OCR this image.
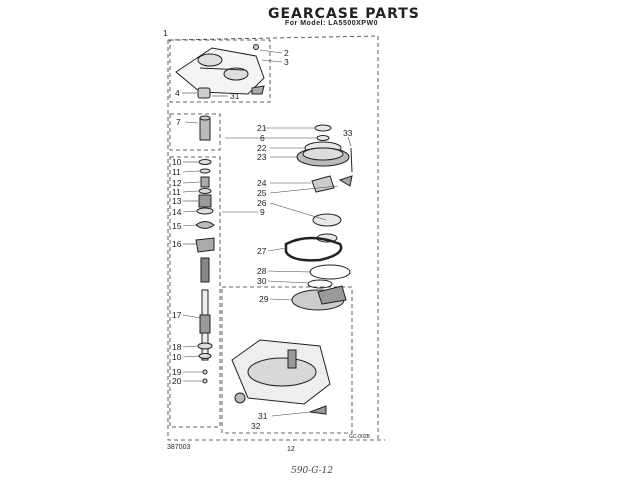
GEARCASE PARTS
For Model: LA5500XPW0
1
2
3
4	31
7
21
6
22
23
33
10
11
12
11
13
14	9
15
16
24
25
26
27
28
30
29
17
18
10
19
20
31
32
387003	12
GC-002B
590-G-12
